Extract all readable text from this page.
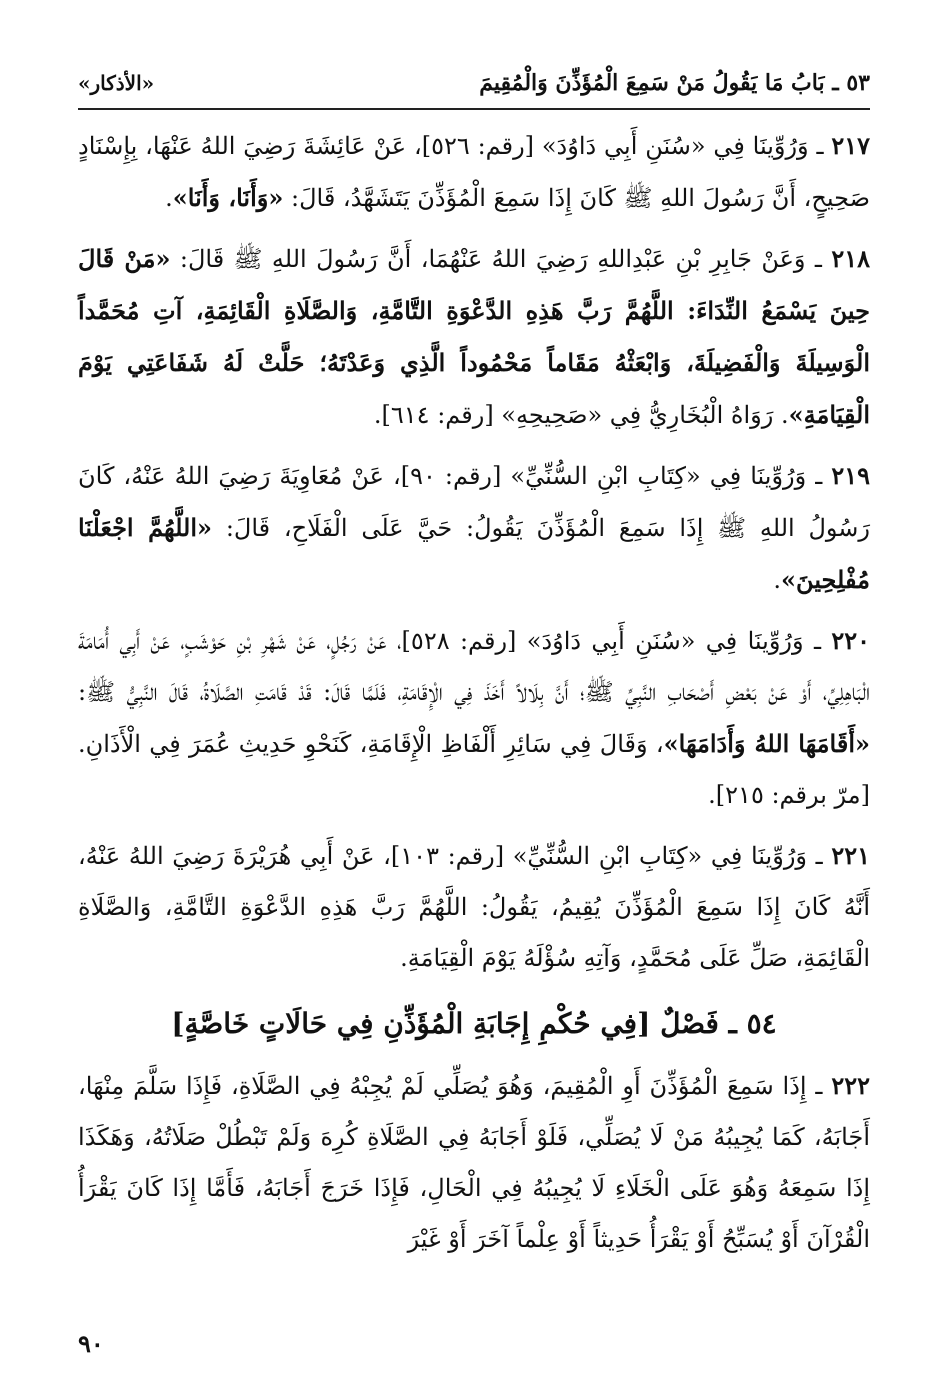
٥٣ ـ بَابُ مَا يَقُولُ مَنْ سَمِعَ الْمُؤَذِّنَ وَالْمُقِيمَ
«الأذكار»

٢١٧ ـ وَرُوِّينَا فِي «سُنَنِ أَبِي دَاوُدَ» [رقم: ٥٢٦]، عَنْ عَائِشَةَ رَضِيَ اللهُ عَنْهَا، بِإِسْنَادٍ صَحِيحٍ، أَنَّ رَسُولَ اللهِ ﷺ كَانَ إِذَا سَمِعَ الْمُؤَذِّنَ يَتَشَهَّدُ، قَالَ: «وَأَنَا، وَأَنَا».

٢١٨ ـ وَعَنْ جَابِرِ بْنِ عَبْدِاللهِ رَضِيَ اللهُ عَنْهُمَا، أَنَّ رَسُولَ اللهِ ﷺ قَالَ: «مَنْ قَالَ حِينَ يَسْمَعُ النِّدَاءَ: اللَّهُمَّ رَبَّ هَذِهِ الدَّعْوَةِ التَّامَّةِ، وَالصَّلَاةِ الْقَائِمَةِ، آتِ مُحَمَّداً الْوَسِيلَةَ وَالْفَضِيلَةَ، وَابْعَثْهُ مَقَاماً مَحْمُوداً الَّذِي وَعَدْتَهُ؛ حَلَّتْ لَهُ شَفَاعَتِي يَوْمَ الْقِيَامَةِ». رَوَاهُ الْبُخَارِيُّ فِي «صَحِيحِهِ» [رقم: ٦١٤].

٢١٩ ـ وَرُوِّينَا فِي «كِتَابِ ابْنِ السُّنِّيِّ» [رقم: ٩٠]، عَنْ مُعَاوِيَةَ رَضِيَ اللهُ عَنْهُ، كَانَ رَسُولُ اللهِ ﷺ إِذَا سَمِعَ الْمُؤَذِّنَ يَقُولُ: حَيَّ عَلَى الْفَلَاحِ، قَالَ: «اللَّهُمَّ اجْعَلْنَا مُفْلِحِينَ».

٢٢٠ ـ وَرُوِّينَا فِي «سُنَنِ أَبِي دَاوُدَ» [رقم: ٥٢٨]، عَنْ رَجُلٍ، عَنْ شَهْرِ بْنِ حَوْشَبٍ، عَنْ أَبِي أُمَامَةَ الْبَاهِلِيِّ، أَوْ عَنْ بَعْضِ أَصْحَابِ النَّبِيِّ ﷺ؛ أَنَّ بِلَالاً أَخَذَ فِي الْإِقَامَةِ، فَلَمَّا قَالَ: قَدْ قَامَتِ الصَّلَاةُ، قَالَ النَّبِيُّ ﷺ: «أَقَامَهَا اللهُ وَأَدَامَهَا»، وَقَالَ فِي سَائِرِ أَلْفَاظِ الْإِقَامَةِ، كَنَحْوِ حَدِيثِ عُمَرَ فِي الْأَذَانِ. [مرّ برقم: ٢١٥].

٢٢١ ـ وَرُوِّينَا فِي «كِتَابِ ابْنِ السُّنِّيِّ» [رقم: ١٠٣]، عَنْ أَبِي هُرَيْرَةَ رَضِيَ اللهُ عَنْهُ، أَنَّهُ كَانَ إِذَا سَمِعَ الْمُؤَذِّنَ يُقِيمُ، يَقُولُ: اللَّهُمَّ رَبَّ هَذِهِ الدَّعْوَةِ التَّامَّةِ، وَالصَّلَاةِ الْقَائِمَةِ، صَلِّ عَلَى مُحَمَّدٍ، وَآتِهِ سُؤْلَهُ يَوْمَ الْقِيَامَةِ.

٥٤ ـ فَصْلٌ [فِي حُكْمِ إِجَابَةِ الْمُؤَذِّنِ فِي حَالَاتٍ خَاصَّةٍ]

٢٢٢ ـ إِذَا سَمِعَ الْمُؤَذِّنَ أَوِ الْمُقِيمَ، وَهُوَ يُصَلِّي لَمْ يُجِبْهُ فِي الصَّلَاةِ، فَإِذَا سَلَّمَ مِنْهَا، أَجَابَهُ، كَمَا يُجِيبُهُ مَنْ لَا يُصَلِّي، فَلَوْ أَجَابَهُ فِي الصَّلَاةِ كُرِهَ وَلَمْ تَبْطُلْ صَلَاتُهُ، وَهَكَذَا إِذَا سَمِعَهُ وَهُوَ عَلَى الْخَلَاءِ لَا يُجِيبُهُ فِي الْحَالِ، فَإِذَا خَرَجَ أَجَابَهُ، فَأَمَّا إِذَا كَانَ يَقْرَأُ الْقُرْآنَ أَوْ يُسَبِّحُ أَوْ يَقْرَأُ حَدِيثاً أَوْ عِلْماً آخَرَ أَوْ غَيْرَ

٩٠
